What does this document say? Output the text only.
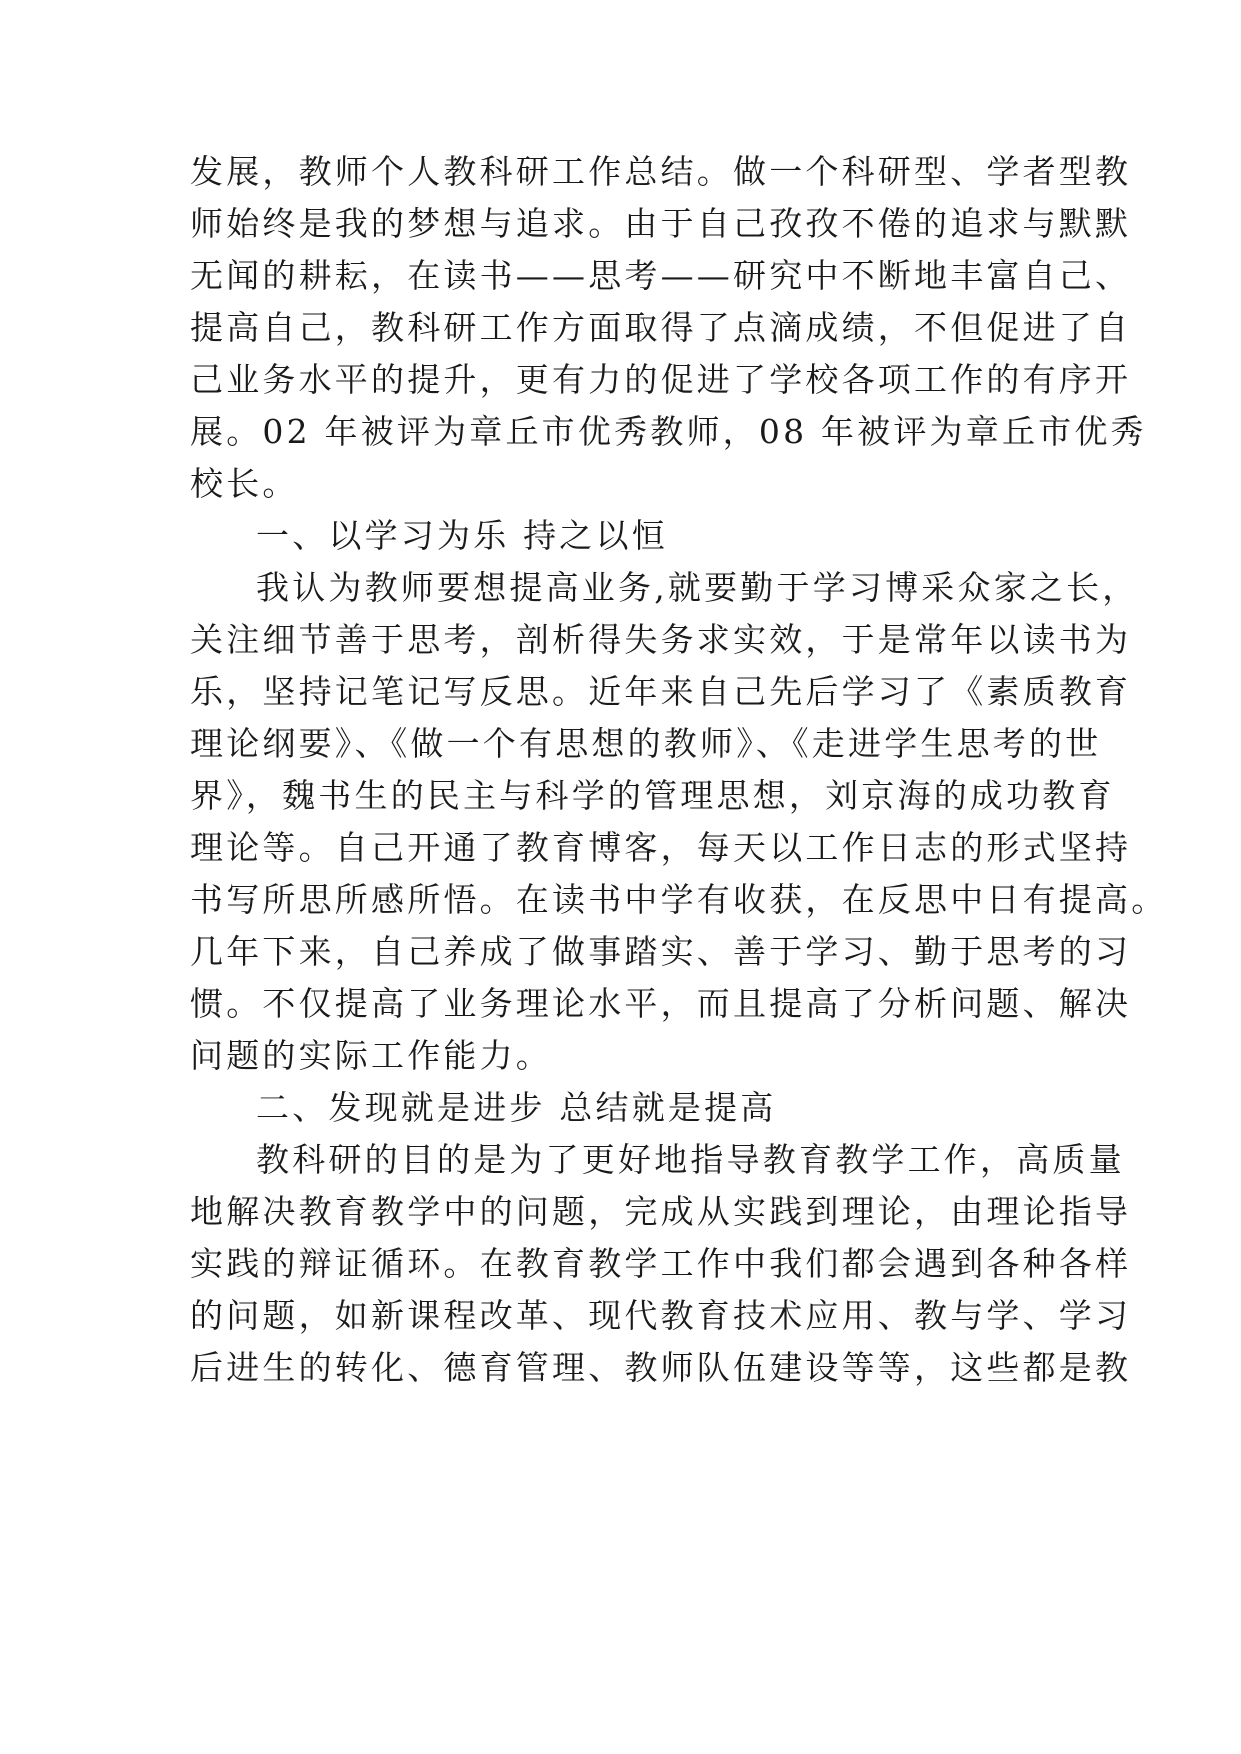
发展，教师个人教科研工作总结。做一个科研型、学者型教
师始终是我的梦想与追求。由于自己孜孜不倦的追求与默默
无闻的耕耘，在读书——思考——研究中不断地丰富自己、
提高自己，教科研工作方面取得了点滴成绩，不但促进了自
己业务水平的提升，更有力的促进了学校各项工作的有序开
展。02 年被评为章丘市优秀教师，08 年被评为章丘市优秀
校长。
一、以学习为乐 持之以恒
我认为教师要想提高业务,就要勤于学习博采众家之长，
关注细节善于思考，剖析得失务求实效，于是常年以读书为
乐，坚持记笔记写反思。近年来自己先后学习了《素质教育
理论纲要》、《做一个有思想的教师》、《走进学生思考的世
界》，魏书生的民主与科学的管理思想，刘京海的成功教育
理论等。自己开通了教育博客，每天以工作日志的形式坚持
书写所思所感所悟。在读书中学有收获，在反思中日有提高。
几年下来，自己养成了做事踏实、善于学习、勤于思考的习
惯。不仅提高了业务理论水平，而且提高了分析问题、解决
问题的实际工作能力。
二、发现就是进步 总结就是提高
教科研的目的是为了更好地指导教育教学工作，高质量
地解决教育教学中的问题，完成从实践到理论，由理论指导
实践的辩证循环。在教育教学工作中我们都会遇到各种各样
的问题，如新课程改革、现代教育技术应用、教与学、学习
后进生的转化、德育管理、教师队伍建设等等，这些都是教
